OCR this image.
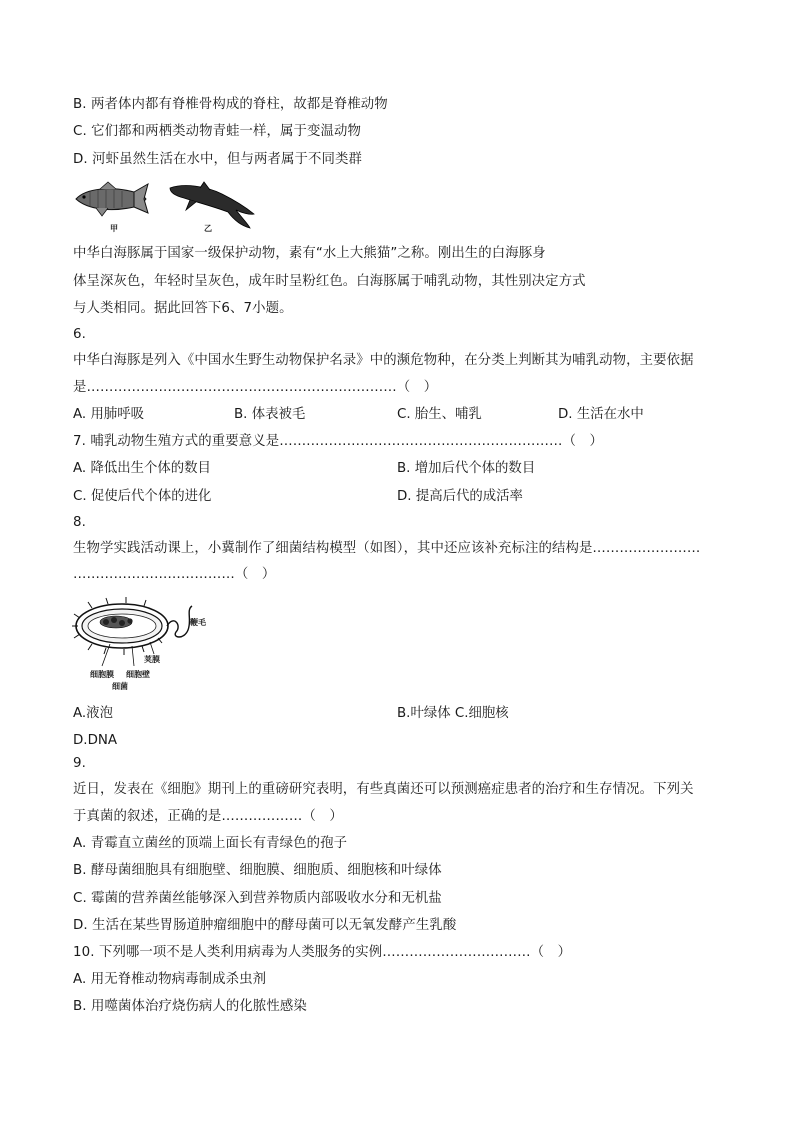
B. 两者体内都有脊椎骨构成的脊柱，故都是脊椎动物
C. 它们都和两栖类动物青蛙一样，属于变温动物
D. 河虾虽然生活在水中，但与两者属于不同类群
甲	乙
中华白海豚属于国家一级保护动物，素有“水上大熊猫”之称。刚出生的白海豚身
体呈深灰色，年轻时呈灰色，成年时呈粉红色。白海豚属于哺乳动物，其性别决定方式
与人类相同。据此回答下6、7小题。
6.
中华白海豚是列入《中国水生野生动物保护名录》中的濒危物种，在分类上判断其为哺乳动物，主要依据
是……………………………………………………………（　）
A. 用肺呼吸	B. 体表被毛	C. 胎生、哺乳	D. 生活在水中
7. 哺乳动物生殖方式的重要意义是………………………………………………………（　）
A. 降低出生个体的数目	B. 增加后代个体的数目
C. 促使后代个体的进化	D. 提高后代的成活率
8.
生物学实践活动课上，小冀制作了细菌结构模型（如图），其中还应该补充标注的结构是……………………
………………………………（　）
鞭毛
荚膜
细胞膜 细胞壁
细菌
A.液泡	B.叶绿体 C.细胞核
D.DNA
9.
近日，发表在《细胞》期刊上的重磅研究表明，有些真菌还可以预测癌症患者的治疗和生存情况。下列关
于真菌的叙述，正确的是………………（　）
A. 青霉直立菌丝的顶端上面长有青绿色的孢子
B. 酵母菌细胞具有细胞壁、细胞膜、细胞质、细胞核和叶绿体
C. 霉菌的营养菌丝能够深入到营养物质内部吸收水分和无机盐
D. 生活在某些胃肠道肿瘤细胞中的酵母菌可以无氧发酵产生乳酸
10. 下列哪一项不是人类利用病毒为人类服务的实例……………………………（　）
A. 用无脊椎动物病毒制成杀虫剂
B. 用噬菌体治疗烧伤病人的化脓性感染
